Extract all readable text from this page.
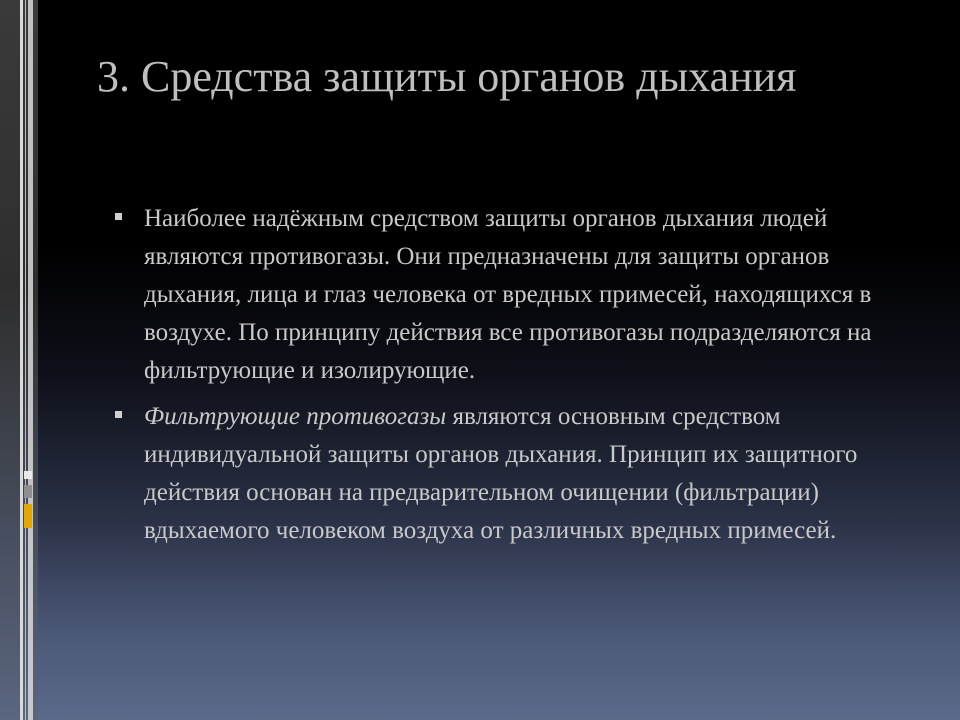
3. Средства защиты органов дыхания
Наиболее надёжным средством защиты органов дыхания людей являются противогазы. Они предназначены для защиты органов дыхания, лица и глаз человека от вредных примесей, находящихся в воздухе. По принципу действия все противогазы подразделяются на фильтрующие и изолирующие.
Фильтрующие противогазы являются основным средством индивидуальной защиты органов дыхания. Принцип их защитного действия основан на предварительном очищении (фильтрации) вдыхаемого человеком воздуха от различных вредных примесей.
